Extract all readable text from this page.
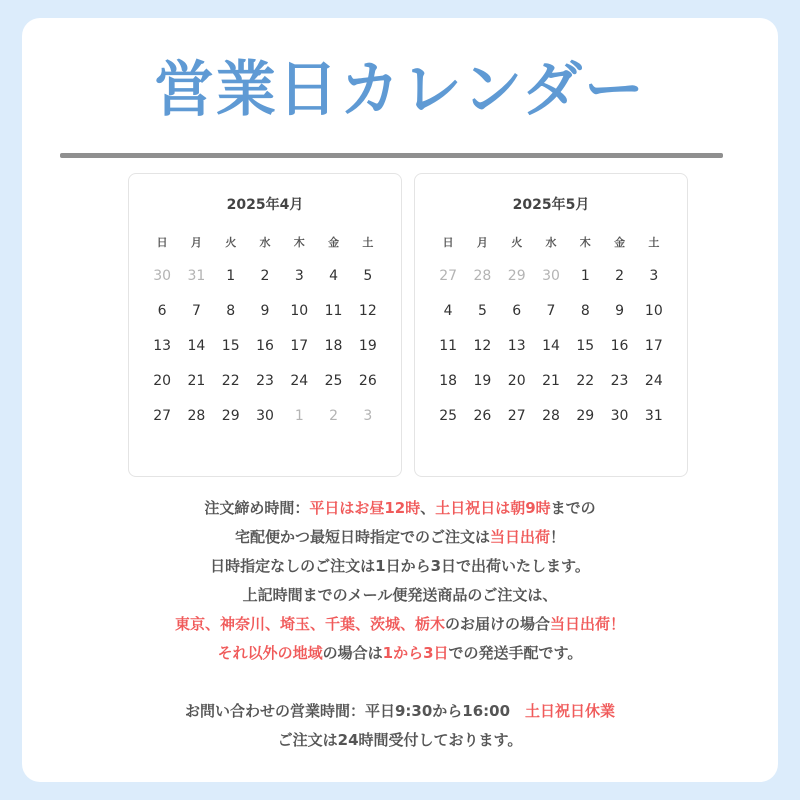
営業日カレンダー
2025年4月
日	月	火	水	木	金	土
30	31	1	2	3	4	5
6	7	8	9	10	11	12
13	14	15	16	17	18	19
20	21	22	23	24	25	26
27	28	29	30	1	2	3
2025年5月
日	月	火	水	木	金	土
27	28	29	30	1	2	3
4	5	6	7	8	9	10
11	12	13	14	15	16	17
18	19	20	21	22	23	24
25	26	27	28	29	30	31
注文締め時間：平日はお昼12時、土日祝日は朝9時までの
宅配便かつ最短日時指定でのご注文は当日出荷！
日時指定なしのご注文は1日から3日で出荷いたします。
上記時間までのメール便発送商品のご注文は、
東京、神奈川、埼玉、千葉、茨城、栃木のお届けの場合当日出荷！
それ以外の地域の場合は1から3日での発送手配です。
お問い合わせの営業時間：平日9:30から16:00　土日祝日休業
ご注文は24時間受付しております。
